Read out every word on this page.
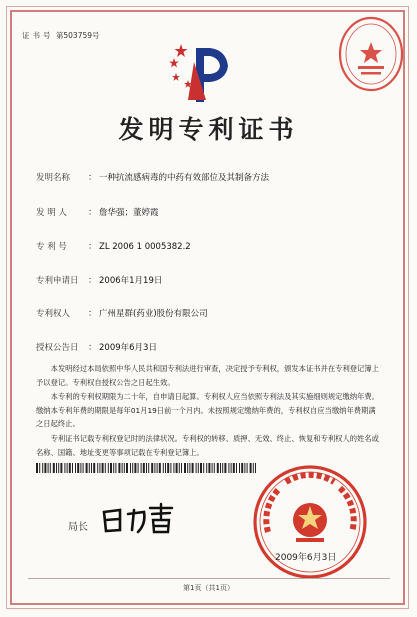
证书号 第503759号
发明专利证书
发明名称 ： 一种抗流感病毒的中药有效部位及其制备方法
发 明 人 ： 詹华强；董婷霞
专 利 号 ： ZL 2006 1 0005382.2
专利申请日 ： 2006年1月19日
专利权人 ： 广州星群(药业)股份有限公司
授权公告日 ： 2009年6月3日

本发明经过本局依照中华人民共和国专利法进行审查，决定授予专利权，颁发本证书并在专利登记簿上予以登记。专利权自授权公告之日起生效。

本专利的专利权期限为二十年，自申请日起算。专利权人应当依照专利法及其实施细则规定缴纳年费。缴纳本专利年费的期限是每年01月19日前一个月内。未按照规定缴纳年费的，专利权自应当缴纳年费期满之日起终止。

专利证书记载专利权登记时的法律状况。专利权的转移、质押、无效、终止、恢复和专利权人的姓名或名称、国籍、地址变更等事项记载在专利登记簿上。

局长
2009年6月3日
第1页（共1页）
